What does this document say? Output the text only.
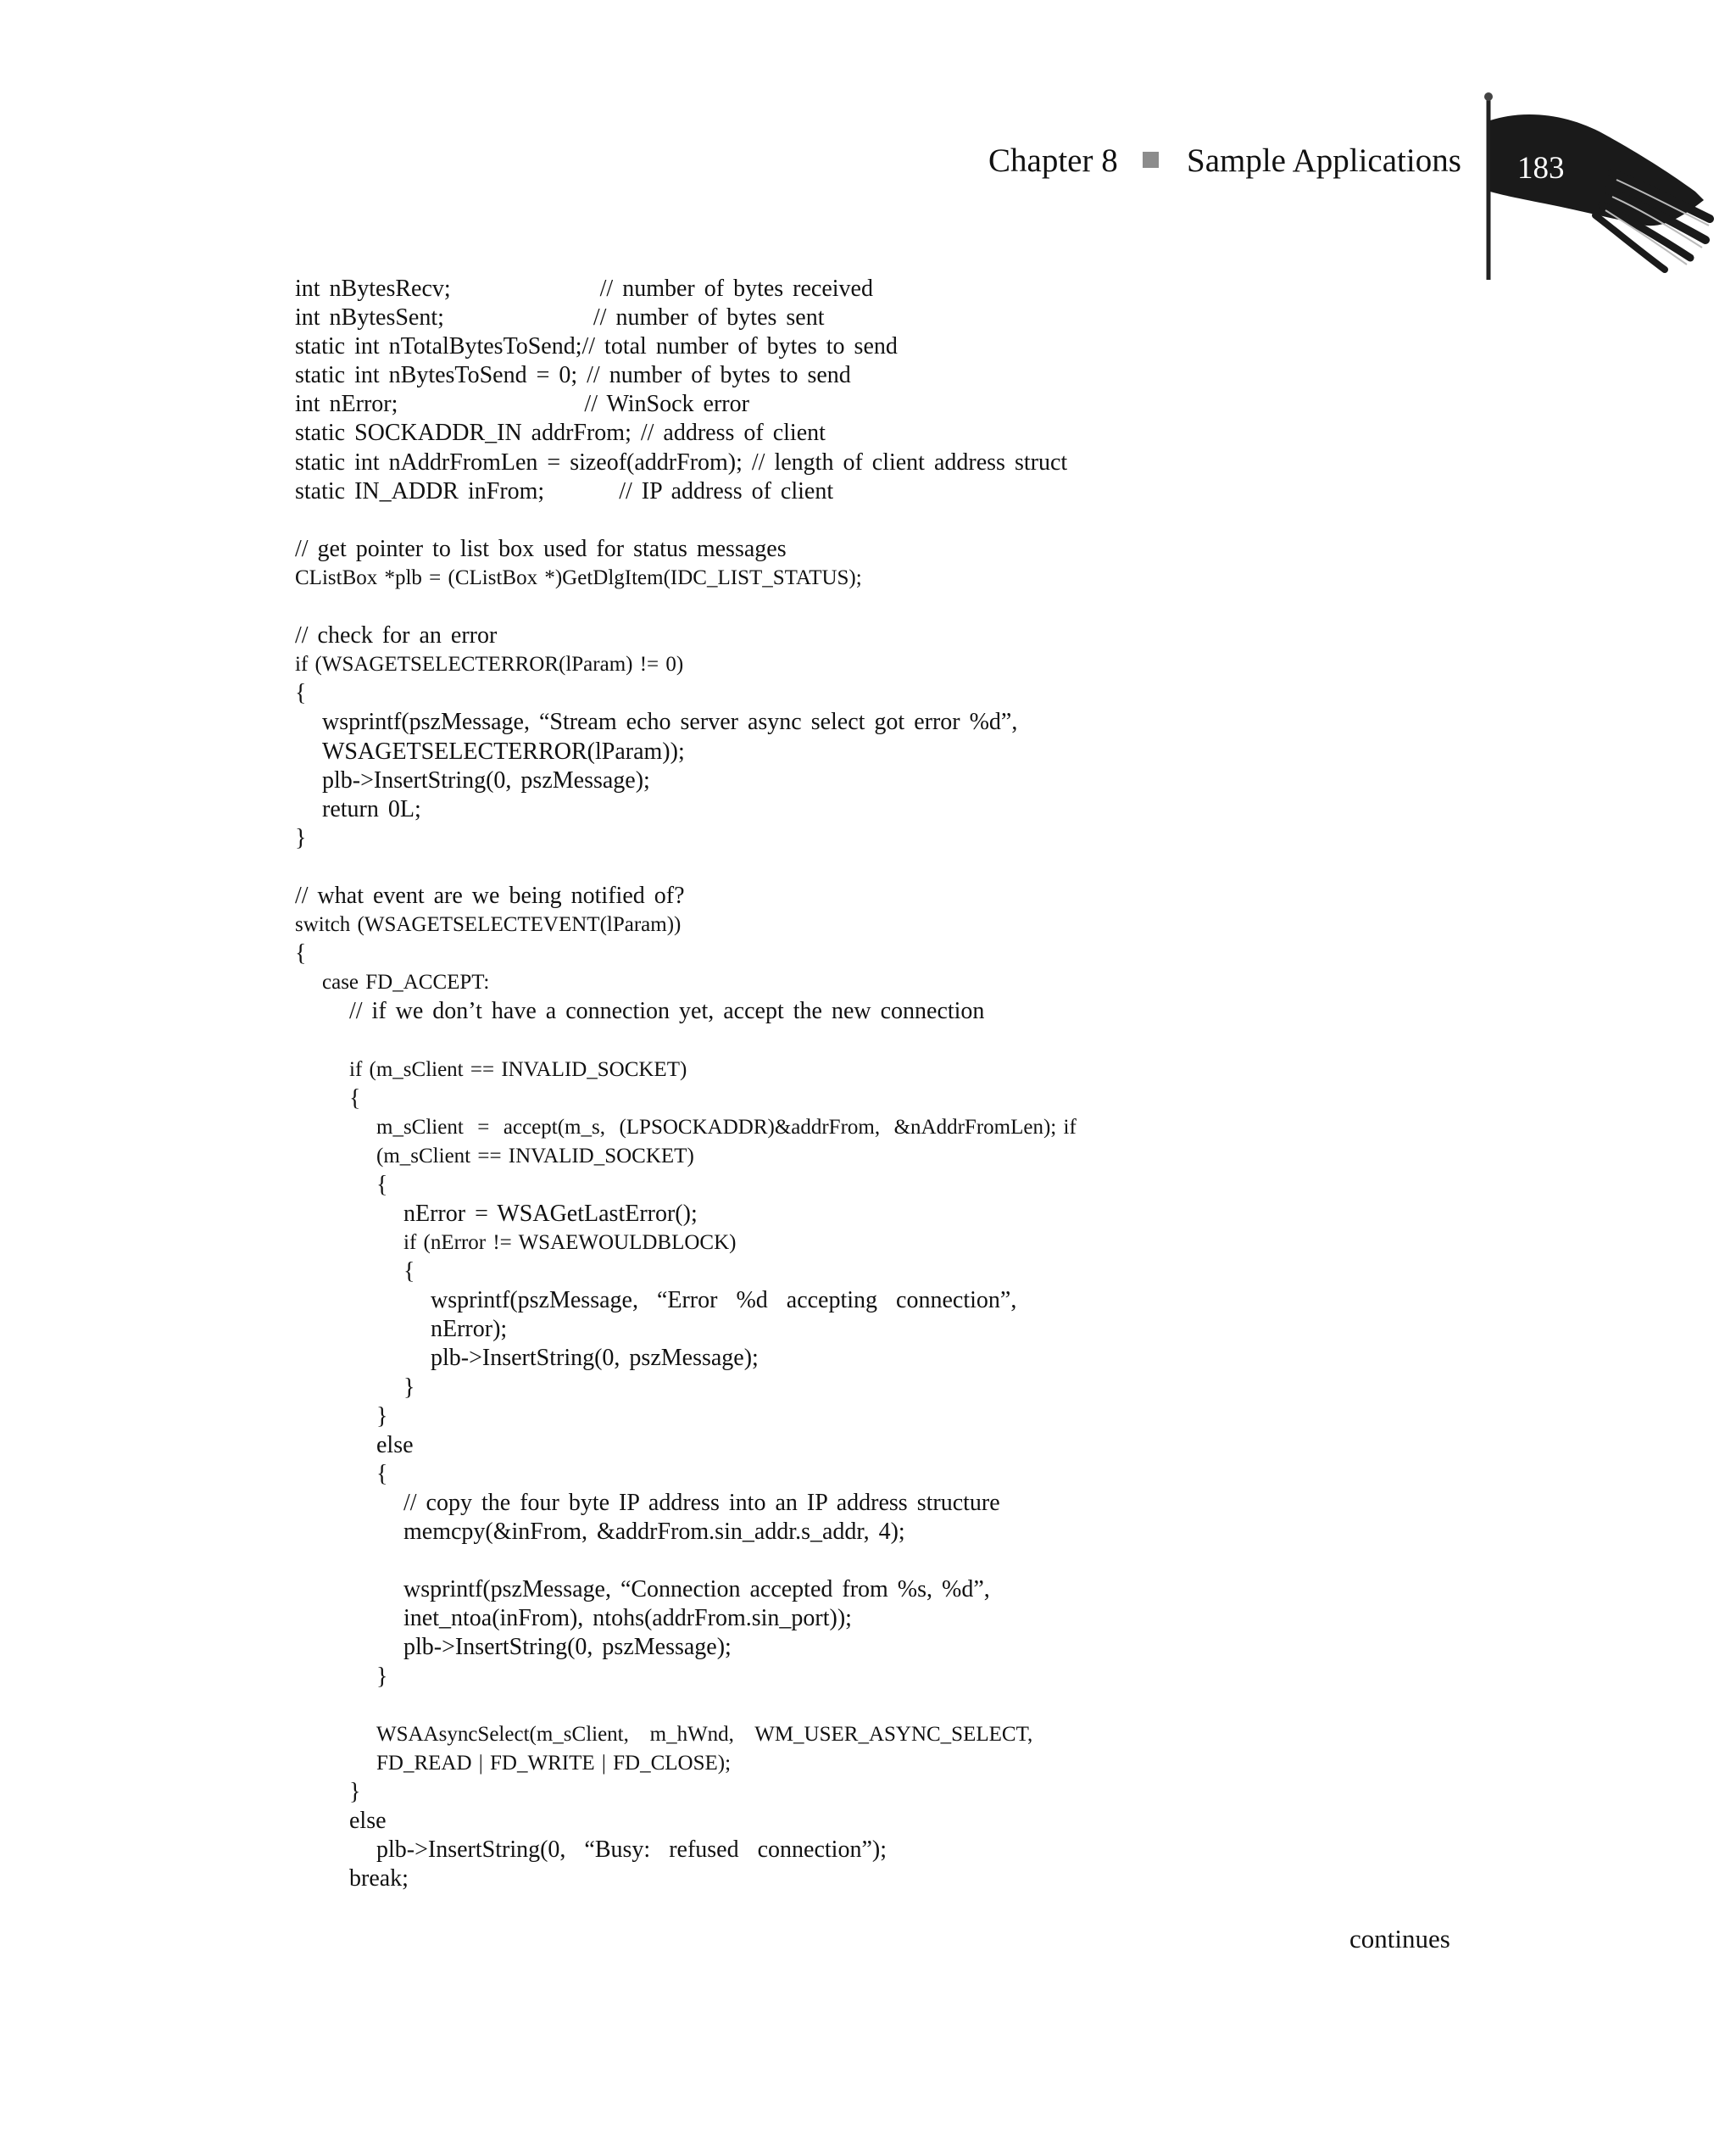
Chapter 8 Sample Applications 183
int nBytesRecv;                // number of bytes received
int nBytesSent;                // number of bytes sent
static int nTotalBytesToSend;// total number of bytes to send
static int nBytesToSend = 0; // number of bytes to send
int nError;                    // WinSock error
static SOCKADDR_IN addrFrom; // address of client
static int nAddrFromLen = sizeof(addrFrom); // length of client address struct
static IN_ADDR inFrom;        // IP address of client
// get pointer to list box used for status messages
CListBox *plb = (CListBox *)GetDlgItem(IDC_LIST_STATUS);
// check for an error
if (WSAGETSELECTERROR(lParam) != 0)
{
wsprintf(pszMessage, “Stream echo server async select got error %d”,
WSAGETSELECTERROR(lParam));
plb->InsertString(0, pszMessage);
return 0L;
}
// what event are we being notified of?
switch (WSAGETSELECTEVENT(lParam))
{
case FD_ACCEPT:
// if we don’t have a connection yet, accept the new connection
if (m_sClient == INVALID_SOCKET)
{
m_sClient  =  accept(m_s,  (LPSOCKADDR)&addrFrom,  &nAddrFromLen); if
(m_sClient == INVALID_SOCKET)
{
nError = WSAGetLastError();
if (nError != WSAEWOULDBLOCK)
{
wsprintf(pszMessage,  “Error  %d  accepting  connection”,
nError);
plb->InsertString(0, pszMessage);
}
}
else
{
// copy the four byte IP address into an IP address structure
memcpy(&inFrom, &addrFrom.sin_addr.s_addr, 4);
wsprintf(pszMessage, “Connection accepted from %s, %d”,
inet_ntoa(inFrom), ntohs(addrFrom.sin_port));
plb->InsertString(0, pszMessage);
}
WSAAsyncSelect(m_sClient,   m_hWnd,   WM_USER_ASYNC_SELECT,
FD_READ | FD_WRITE | FD_CLOSE);
}
else
plb->InsertString(0,  “Busy:  refused  connection”);
break;
continues
